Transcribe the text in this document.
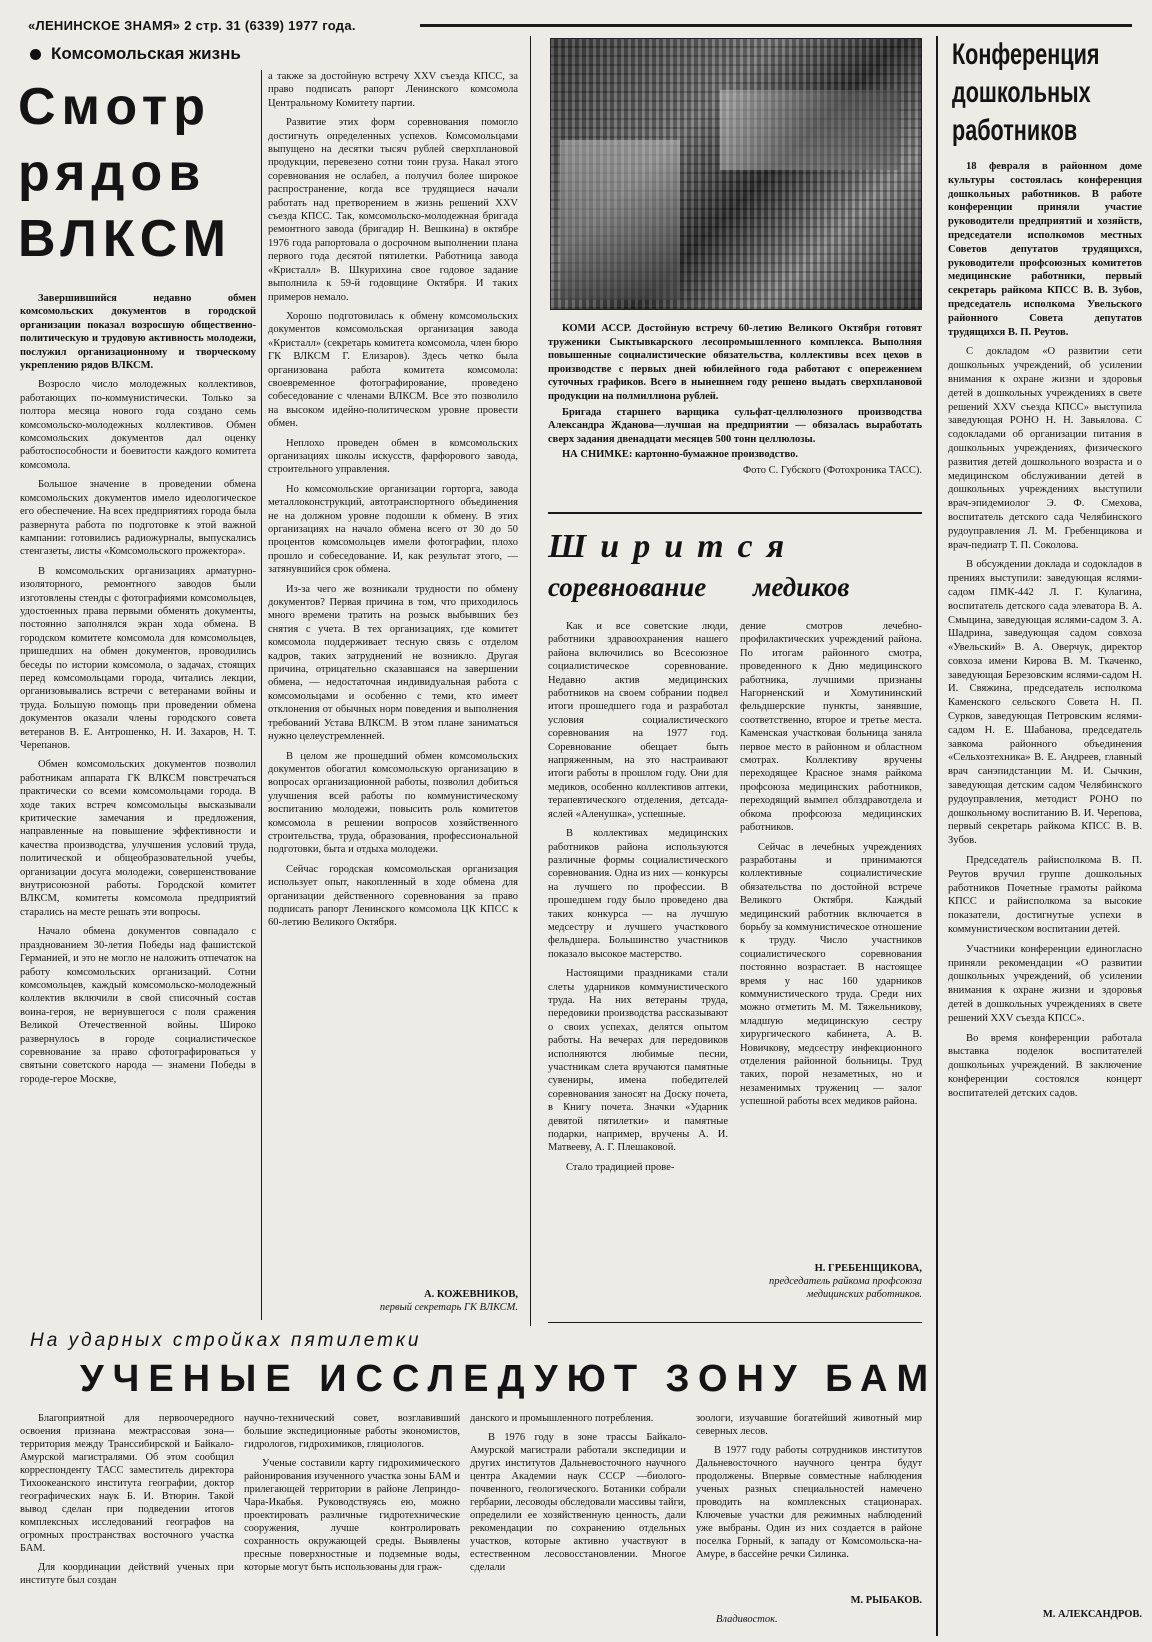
«ЛЕНИНСКОЕ ЗНАМЯ» 2 стр. 31 (6339) 1977 года.
Комсомольская жизнь
Смотр
рядов
ВЛКСМ

Завершившийся недавно обмен комсомольских документов в городской организации показал возросшую общественно-политическую и трудовую активность молодежи, послужил организационному и творческому укреплению рядов ВЛКСМ.

Возросло число молодежных коллективов, работающих по-коммунистически. Только за полтора месяца нового года создано семь комсомольско-молодежных коллективов. Обмен комсомольских документов дал оценку работоспособности и боевитости каждого комитета комсомола.

Большое значение в проведении обмена комсомольских документов имело идеологическое его обеспечение. На всех предприятиях города была развернута работа по подготовке к этой важной кампании: готовились радиожурналы, выпускались стенгазеты, листы «Комсомольского прожектора».

В комсомольских организациях арматурно-изоляторного, ремонтного заводов были изготовлены стенды с фотографиями комсомольцев, удостоенных права первыми обменять документы, постоянно заполнялся экран хода обмена. В городском комитете комсомола для комсомольцев, пришедших на обмен документов, проводились беседы по истории комсомола, о задачах, стоящих перед комсомольцами города, читались лекции, организовывались встречи с ветеранами войны и труда. Большую помощь при проведении обмена документов оказали члены городского совета ветеранов В. Е. Антрошенко, Н. И. Захаров, Н. Т. Черепанов.

Обмен комсомольских документов позволил работникам аппарата ГК ВЛКСМ повстречаться практически со всеми комсомольцами города. В ходе таких встреч комсомольцы высказывали критические замечания и предложения, направленные на повышение эффективности и качества производства, улучшения условий труда, политической и общеобразовательной учебы, организации досуга молодежи, совершенствование внутрисоюзной работы. Городской комитет ВЛКСМ, комитеты комсомола предприятий старались на месте решать эти вопросы.

Начало обмена документов совпадало с празднованием 30-летия Победы над фашистской Германией, и это не могло не наложить отпечаток на работу комсомольских организаций. Сотни комсомольцев, каждый комсомольско-молодежный коллектив включили в свой списочный состав воина-героя, не вернувшегося с поля сражения Великой Отечественной войны. Широко развернулось в городе социалистическое соревнование за право сфотографироваться у святыни советского народа — знамени Победы в городе-герое Москве,

а также за достойную встречу XXV съезда КПСС, за право подписать рапорт Ленинского комсомола Центральному Комитету партии.

Развитие этих форм соревнования помогло достигнуть определенных успехов. Комсомольцами выпущено на десятки тысяч рублей сверхплановой продукции, перевезено сотни тонн груза. Накал этого соревнования не ослабел, а получил более широкое распространение, когда все трудящиеся начали работать над претворением в жизнь решений XXV съезда КПСС. Так, комсомольско-молодежная бригада ремонтного завода (бригадир Н. Вешкина) в октябре 1976 года рапортовала о досрочном выполнении плана первого года десятой пятилетки. Работница завода «Кристалл» В. Шкурихина свое годовое задание выполнила к 59-й годовщине Октября. И таких примеров немало.

Хорошо подготовилась к обмену комсомольских документов комсомольская организация завода «Кристалл» (секретарь комитета комсомола, член бюро ГК ВЛКСМ Г. Елизаров). Здесь четко была организована работа комитета комсомола: своевременное фотографирование, проведено собеседование с членами ВЛКСМ. Все это позволило на высоком идейно-политическом уровне провести обмен.

Неплохо проведен обмен в комсомольских организациях школы искусств, фарфорового завода, строительного управления.

Но комсомольские организации горторга, завода металлоконструкций, автотранспортного объединения не на должном уровне подошли к обмену. В этих организациях на начало обмена всего от 30 до 50 процентов комсомольцев имели фотографии, плохо прошло и собеседование. И, как результат этого, — затянувшийся срок обмена.

Из-за чего же возникали трудности по обмену документов? Первая причина в том, что приходилось много времени тратить на розыск выбывших без снятия с учета. В тех организациях, где комитет комсомола поддерживает тесную связь с отделом кадров, таких затруднений не возникло. Другая причина, отрицательно сказавшаяся на завершении обмена, — недостаточная индивидуальная работа с комсомольцами и особенно с теми, кто имеет отклонения от обычных норм поведения и выполнения требований Устава ВЛКСМ. В этом плане заниматься нужно целеустремленней.

В целом же прошедший обмен комсомольских документов обогатил комсомольскую организацию в вопросах организационной работы, позволил добиться улучшения всей работы по коммунистическому воспитанию молодежи, повысить роль комитетов комсомола в решении вопросов хозяйственного строительства, труда, образования, профессиональной подготовки, быта и отдыха молодежи.

Сейчас городская комсомольская организация использует опыт, накопленный в ходе обмена для организации действенного соревнования за право подписать рапорт Ленинского комсомола ЦК КПСС к 60-летию Великого Октября.

А. КОЖЕВНИКОВ,
первый секретарь ГК ВЛКСМ.

КОМИ АССР. Достойную встречу 60-летию Великого Октября готовят труженики Сыктывкарского лесопромышленного комплекса. Выполняя повышенные социалистические обязательства, коллективы всех цехов в производстве с первых дней юбилейного года работают с опережением суточных графиков. Всего в нынешнем году решено выдать сверхплановой продукции на полмиллиона рублей.

Бригада старшего варщика сульфат-целлюлозного производства Александра Жданова—лучшая на предприятии — обязалась выработать сверх задания двенадцати месяцев 500 тонн целлюлозы.

НА СНИМКЕ: картонно-бумажное производство.

Фото С. Губского (Фотохроника ТАСС).

Ширится
соревнование медиков

Как и все советские люди, работники здравоохранения нашего района включились во Всесоюзное социалистическое соревнование. Недавно актив медицинских работников на своем собрании подвел итоги прошедшего года и разработал условия социалистического соревнования на 1977 год. Соревнование обещает быть напряженным, на это настраивают итоги работы в прошлом году. Они для медиков, особенно коллективов аптеки, терапевтического отделения, детсада-яслей «Аленушка», успешные.

В коллективах медицинских работников района используются различные формы социалистического соревнования. Одна из них — конкурсы на лучшего по профессии. В прошедшем году было проведено два таких конкурса — на лучшую медсестру и лучшего участкового фельдшера. Большинство участников показало высокое мастерство.

Настоящими праздниками стали слеты ударников коммунистического труда. На них ветераны труда, передовики производства рассказывают о своих успехах, делятся опытом работы. На вечерах для передовиков исполняются любимые песни, участникам слета вручаются памятные сувениры, имена победителей соревнования заносят на Доску почета, в Книгу почета. Значки «Ударник девятой пятилетки» и памятные подарки, например, вручены А. И. Матвееву, А. Г. Плешаковой.

Стало традицией прове-

дение смотров лечебно-профилактических учреждений района. По итогам районного смотра, проведенного к Дню медицинского работника, лучшими признаны Нагорненский и Хомутининский фельдшерские пункты, занявшие, соответственно, второе и третье места. Каменская участковая больница заняла первое место в районном и областном смотрах. Коллективу вручены переходящее Красное знамя райкома профсоюза медицинских работников, переходящий вымпел облздравотдела и обкома профсоюза медицинских работников.

Сейчас в лечебных учреждениях разработаны и принимаются коллективные социалистические обязательства по достойной встрече Великого Октября. Каждый медицинский работник включается в борьбу за коммунистическое отношение к труду. Число участников социалистического соревнования постоянно возрастает. В настоящее время у нас 160 ударников коммунистического труда. Среди них можно отметить М. М. Тяжельникову, младшую медицинскую сестру хирургического кабинета, А. В. Новичкову, медсестру инфекционного отделения районной больницы. Труд таких, порой незаметных, но и незаменимых тружениц — залог успешной работы всех медиков района.

Н. ГРЕБЕНЩИКОВА,
председатель райкома профсоюза медицинских работников.
Конференция
дошкольных
работников

18 февраля в районном доме культуры состоялась конференция дошкольных работников. В работе конференции приняли участие руководители предприятий и хозяйств, председатели исполкомов местных Советов депутатов трудящихся, руководители профсоюзных комитетов медицинские работники, первый секретарь райкома КПСС В. В. Зубов, председатель исполкома Увельского районного Совета депутатов трудящихся В. П. Реутов.

С докладом «О развитии сети дошкольных учреждений, об усилении внимания к охране жизни и здоровья детей в дошкольных учреждениях в свете решений XXV съезда КПСС» выступила заведующая РОНО Н. Н. Завьялова. С содокладами об организации питания в дошкольных учреждениях, физического развития детей дошкольного возраста и о медицинском обслуживании детей в дошкольных учреждениях выступили врач-эпидемиолог Э. Ф. Смехова, воспитатель детского сада Челябинского рудоуправления Л. М. Гребенщикова и врач-педиатр Т. П. Соколова.

В обсуждении доклада и содокладов в прениях выступили: заведующая яслями-садом ПМК-442 Л. Г. Кулагина, воспитатель детского сада элеватора В. А. Смыцина, заведующая яслями-садом З. А. Шадрина, заведующая садом совхоза «Увельский» В. А. Оверчук, директор совхоза имени Кирова В. М. Ткаченко, заведующая Березовским яслями-садом Н. И. Свяжина, председатель исполкома Каменского сельского Совета Н. П. Сурков, заведующая Петровским яслями-садом Н. Е. Шабанова, председатель завкома районного объединения «Сельхозтехника» В. Е. Андреев, главный врач санэпидстанции М. И. Сычкин, заведующая детским садом Челябинского рудоуправления, методист РОНО по дошкольному воспитанию В. И. Черепова, первый секретарь райкома КПСС В. В. Зубов.

Председатель райисполкома В. П. Реутов вручил группе дошкольных работников Почетные грамоты райкома КПСС и райисполкома за высокие показатели, достигнутые успехи в коммунистическом воспитании детей.

Участники конференции единогласно приняли рекомендации «О развитии дошкольных учреждений, об усилении внимания к охране жизни и здоровья детей в дошкольных учреждениях в свете решений XXV съезда КПСС».

Во время конференции работала выставка поделок воспитателей дошкольных учреждений. В заключение конференции состоялся концерт воспитателей детских садов.

М. АЛЕКСАНДРОВ.
На ударных стройках пятилетки
УЧЕНЫЕ ИССЛЕДУЮТ ЗОНУ БАМ

Благоприятной для первоочередного освоения признана межтрассовая зона—территория между Транссибирской и Байкало-Амурской магистралями. Об этом сообщил корреспонденту ТАСС заместитель директора Тихоокеанского института географии, доктор географических наук Б. И. Втюрин. Такой вывод сделан при подведении итогов комплексных исследований географов на огромных пространствах восточного участка БАМ.

Для координации действий ученых при институте был создан

научно-технический совет, возглавивший большие экспедиционные работы экономистов, гидрологов, гидрохимиков, гляциологов.

Ученые составили карту гидрохимического районирования изученного участка зоны БАМ и прилегающей территории в районе Леприндо-Чара-Икабья. Руководствуясь ею, можно проектировать различные гидротехнические сооружения, лучше контролировать сохранность окружающей среды. Выявлены пресные поверхностные и подземные воды, которые могут быть использованы для граж-

данского и промышленного потребления.

В 1976 году в зоне трассы Байкало-Амурской магистрали работали экспедиции и других институтов Дальневосточного научного центра Академии наук СССР —биолого-почвенного, геологического. Ботаники собрали гербарии, лесоводы обследовали массивы тайги, определили ее хозяйственную ценность, дали рекомендации по сохранению отдельных участков, которые активно участвуют в естественном лесовосстановлении. Многое сделали

зоологи, изучавшие богатейший животный мир северных лесов.

В 1977 году работы сотрудников институтов Дальневосточного научного центра будут продолжены. Впервые совместные наблюдения ученых разных специальностей намечено проводить на комплексных стационарах. Ключевые участки для режимных наблюдений уже выбраны. Один из них создается в районе поселка Горный, к западу от Комсомольска-на-Амуре, в бассейне речки Силинка.

М. РЫБАКОВ.
Владивосток.
